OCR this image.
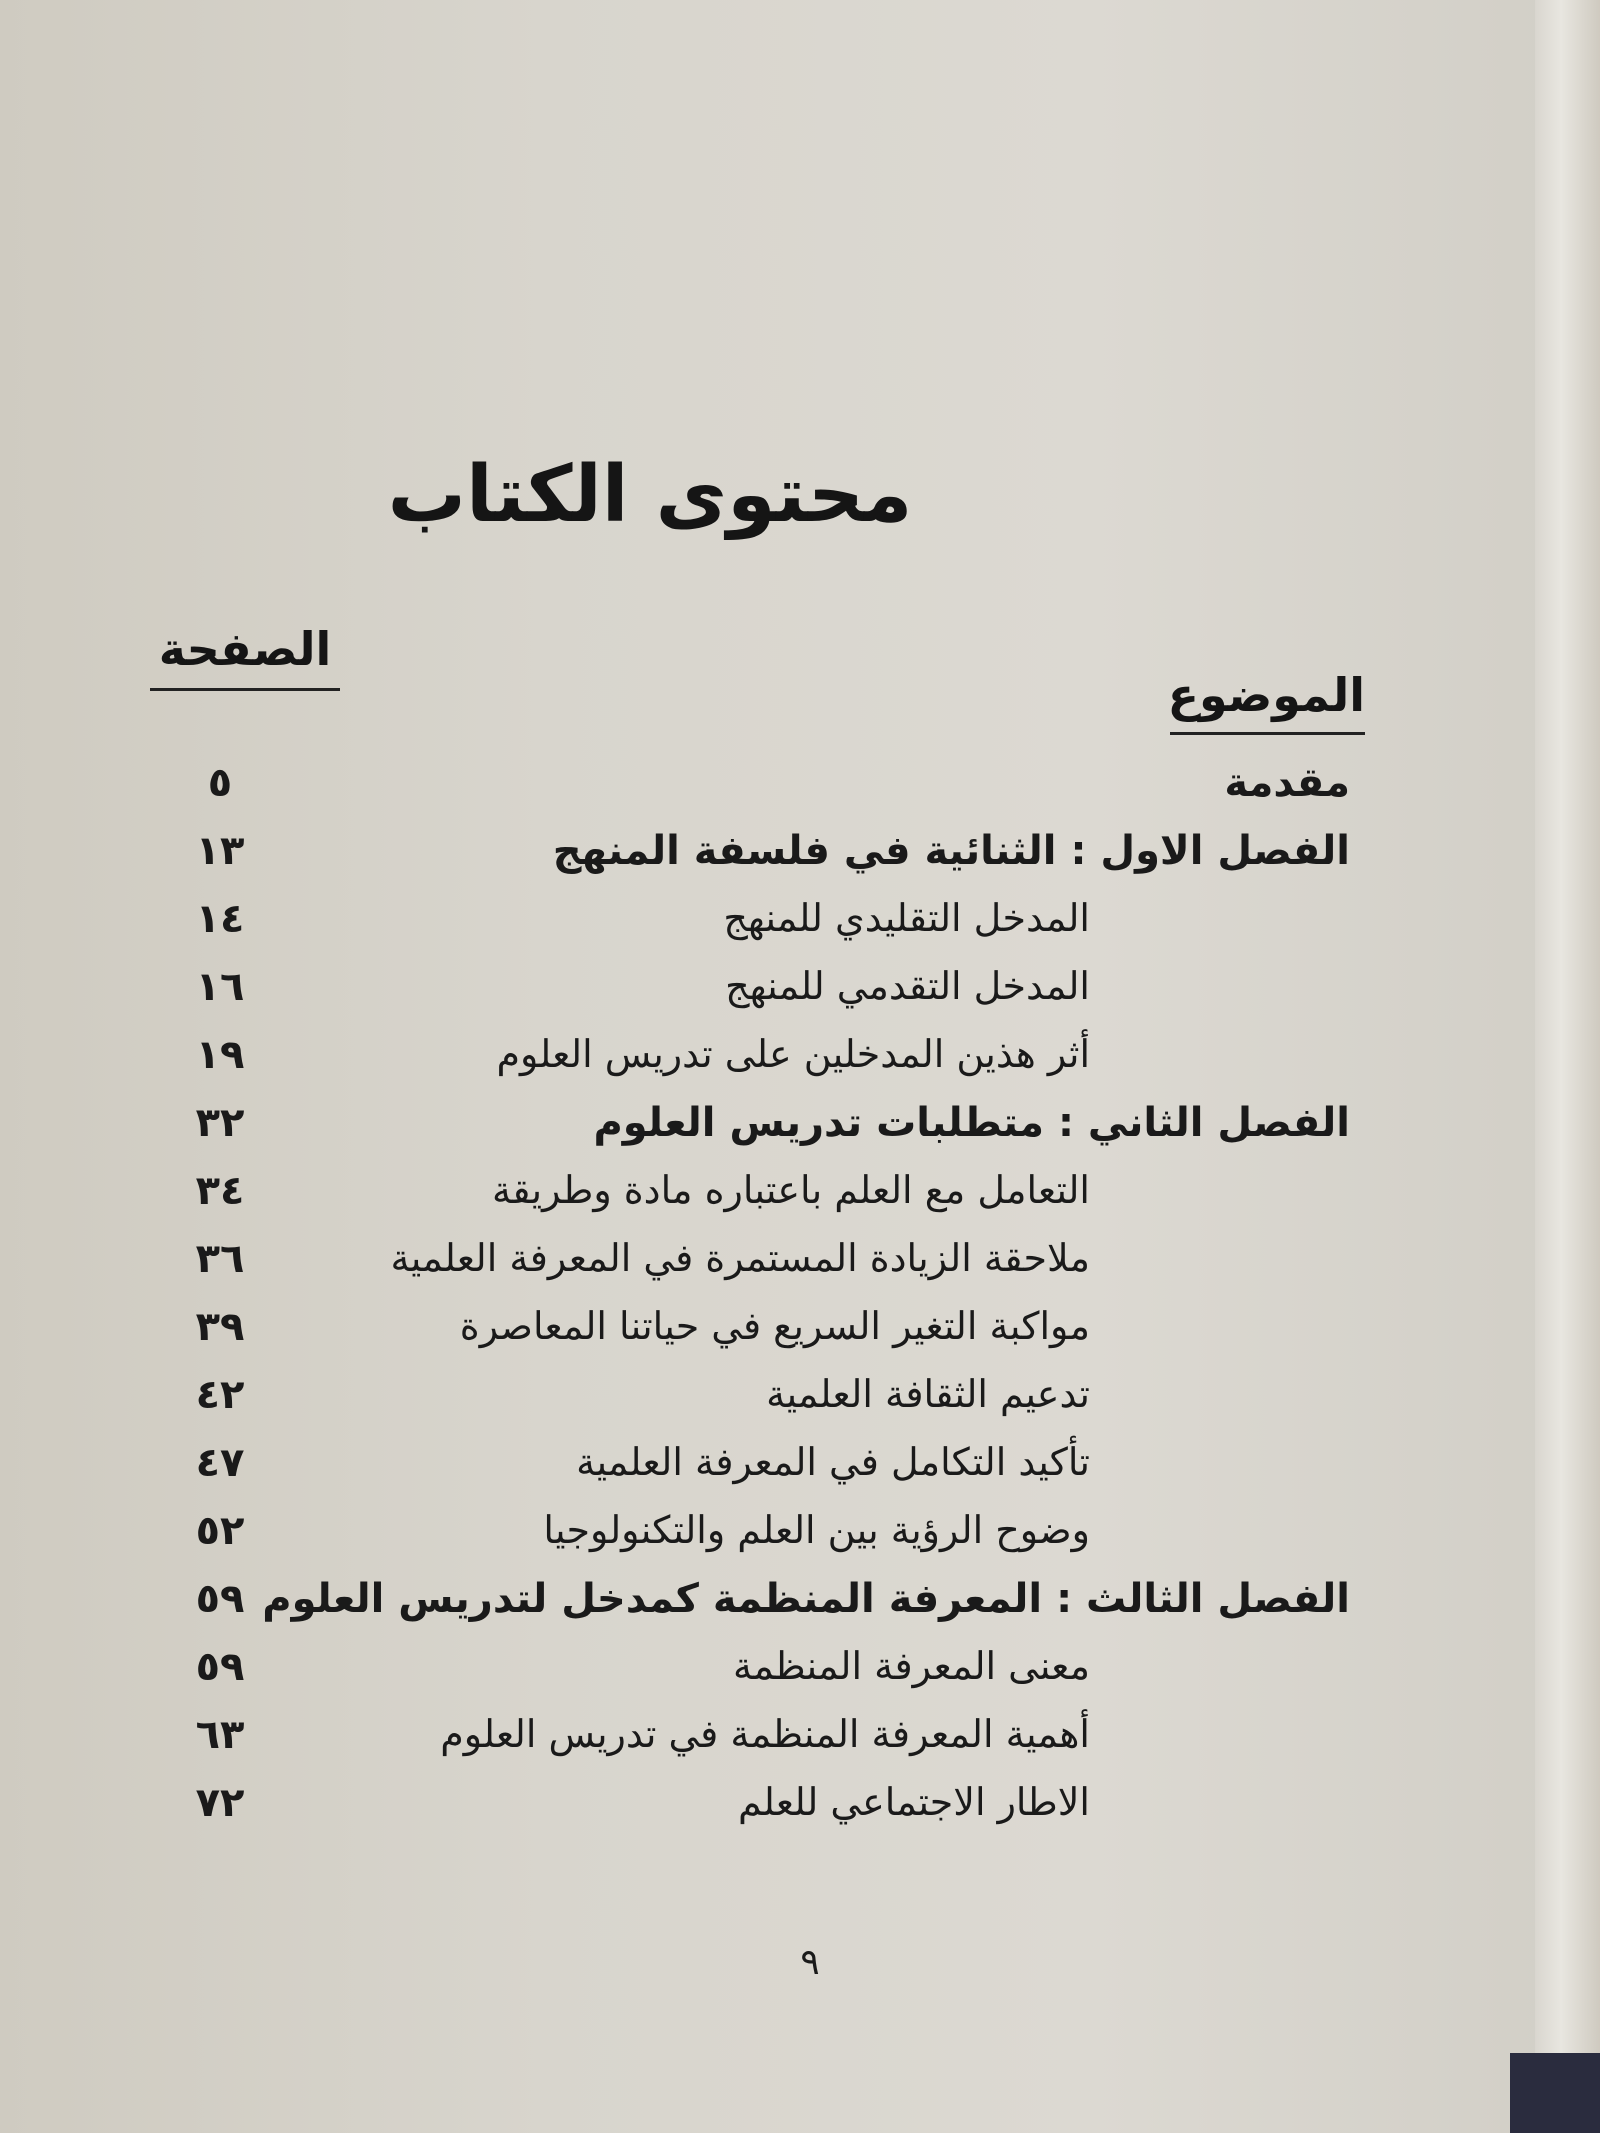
محتوى الكتاب
الصفحة
الموضوع
مقدمة
٥
الفصل الاول : الثنائية في فلسفة المنهج
١٣
المدخل التقليدي للمنهج
١٤
المدخل التقدمي للمنهج
١٦
أثر هذين المدخلين على تدريس العلوم
١٩
الفصل الثاني : متطلبات تدريس العلوم
٣٢
التعامل مع العلم باعتباره مادة وطريقة
٣٤
ملاحقة الزيادة المستمرة في المعرفة العلمية
٣٦
مواكبة التغير السريع في حياتنا المعاصرة
٣٩
تدعيم الثقافة العلمية
٤٢
تأكيد التكامل في المعرفة العلمية
٤٧
وضوح الرؤية بين العلم والتكنولوجيا
٥٢
الفصل الثالث : المعرفة المنظمة كمدخل لتدريس العلوم
٥٩
معنى المعرفة المنظمة
٥٩
أهمية المعرفة المنظمة في تدريس العلوم
٦٣
الاطار الاجتماعي للعلم
٧٢
٩
